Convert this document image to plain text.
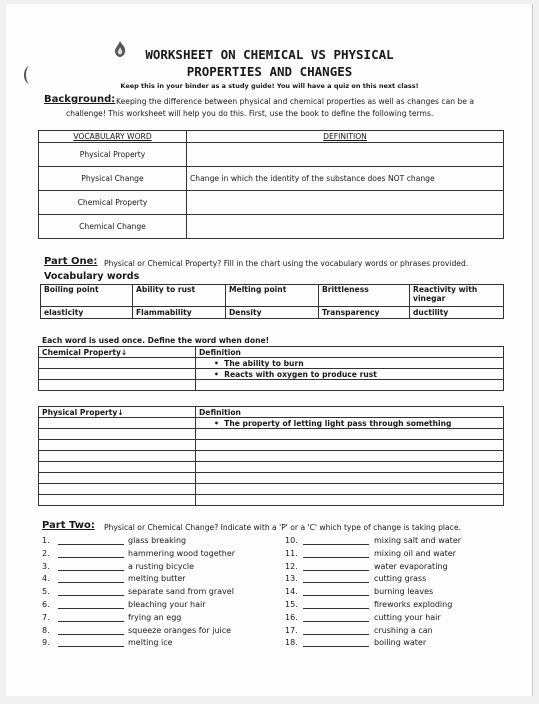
WORKSHEET ON CHEMICAL VS PHYSICAL
PROPERTIES AND CHANGES
Keep this in your binder as a study guide! You will have a quiz on this next class!
Background: Keeping the difference between physical and chemical properties as well as changes can be a
challenge! This worksheet will help you do this. First, use the book to define the following terms.
VOCABULARY WORD	DEFINITION
Physical Property	
Physical Change	Change in which the identity of the substance does NOT change
Chemical Property	
Chemical Change	
Part One: Physical or Chemical Property? Fill in the chart using the vocabulary words or phrases provided.
Vocabulary words
Boiling point	Ability to rust	Melting point	Brittleness	Reactivity with vinegar
elasticity	Flammability	Density	Transparency	ductility
Each word is used once. Define the word when done!
Chemical Property↓	Definition
	•  The ability to burn
	•  Reacts with oxygen to produce rust

Physical Property↓	Definition
	•  The property of letting light pass through something

Part Two: Physical or Chemical Change? Indicate with a 'P' or a 'C' which type of change is taking place.
1.	glass breaking
2.	hammering wood together
3.	a rusting bicycle
4.	melting butter
5.	separate sand from gravel
6.	bleaching your hair
7.	frying an egg
8.	squeeze oranges for juice
9.	melting ice
10.	mixing salt and water
11.	mixing oil and water
12.	water evaporating
13.	cutting grass
14.	burning leaves
15.	fireworks exploding
16.	cutting your hair
17.	crushing a can
18.	boiling water
